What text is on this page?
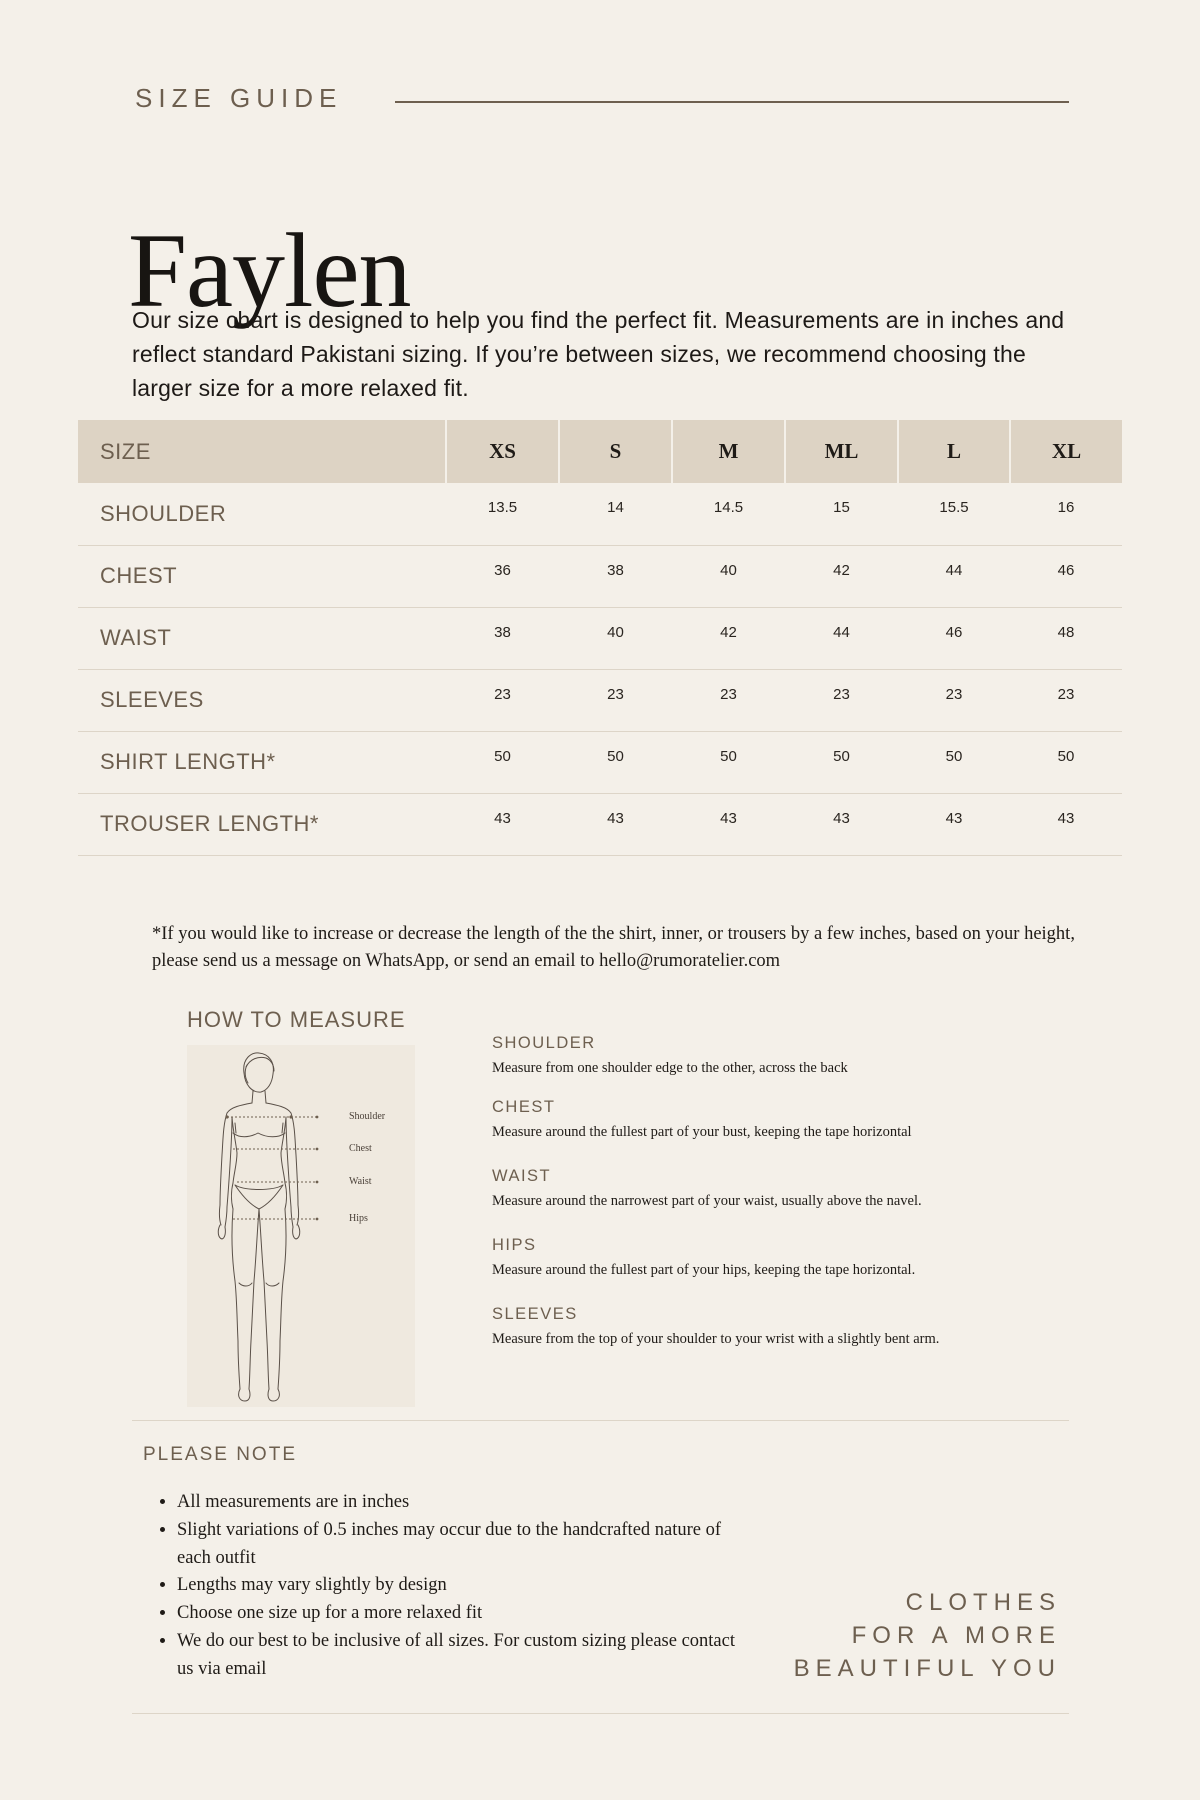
SIZE GUIDE
Faylen

Our size chart is designed to help you find the perfect fit. Measurements are in inches and reflect standard Pakistani sizing. If you’re between sizes, we recommend choosing the larger size for a more relaxed fit.

SIZE	XS	S	M	ML	L	XL
SHOULDER	13.5	14	14.5	15	15.5	16
CHEST	36	38	40	42	44	46
WAIST	38	40	42	44	46	48
SLEEVES	23	23	23	23	23	23
SHIRT LENGTH*	50	50	50	50	50	50
TROUSER LENGTH*	43	43	43	43	43	43

*If you would like to increase or decrease the length of the the shirt, inner, or trousers by a few inches, based on your height, please send us a message on WhatsApp, or send an email to hello@rumoratelier.com

HOW TO MEASURE
Shoulder
Chest
Waist
Hips
SHOULDER
Measure from one shoulder edge to the other, across the back
CHEST
Measure around the fullest part of your bust, keeping the tape horizontal
WAIST
Measure around the narrowest part of your waist, usually above the navel.
HIPS
Measure around the fullest part of your hips, keeping the tape horizontal.
SLEEVES
Measure from the top of your shoulder to your wrist with a slightly bent arm.
PLEASE NOTE
• All measurements are in inches
• Slight variations of 0.5 inches may occur due to the handcrafted nature of each outfit
• Lengths may vary slightly by design
• Choose one size up for a more relaxed fit
• We do our best to be inclusive of all sizes. For custom sizing please contact us via email
CLOTHES
FOR A MORE
BEAUTIFUL YOU
